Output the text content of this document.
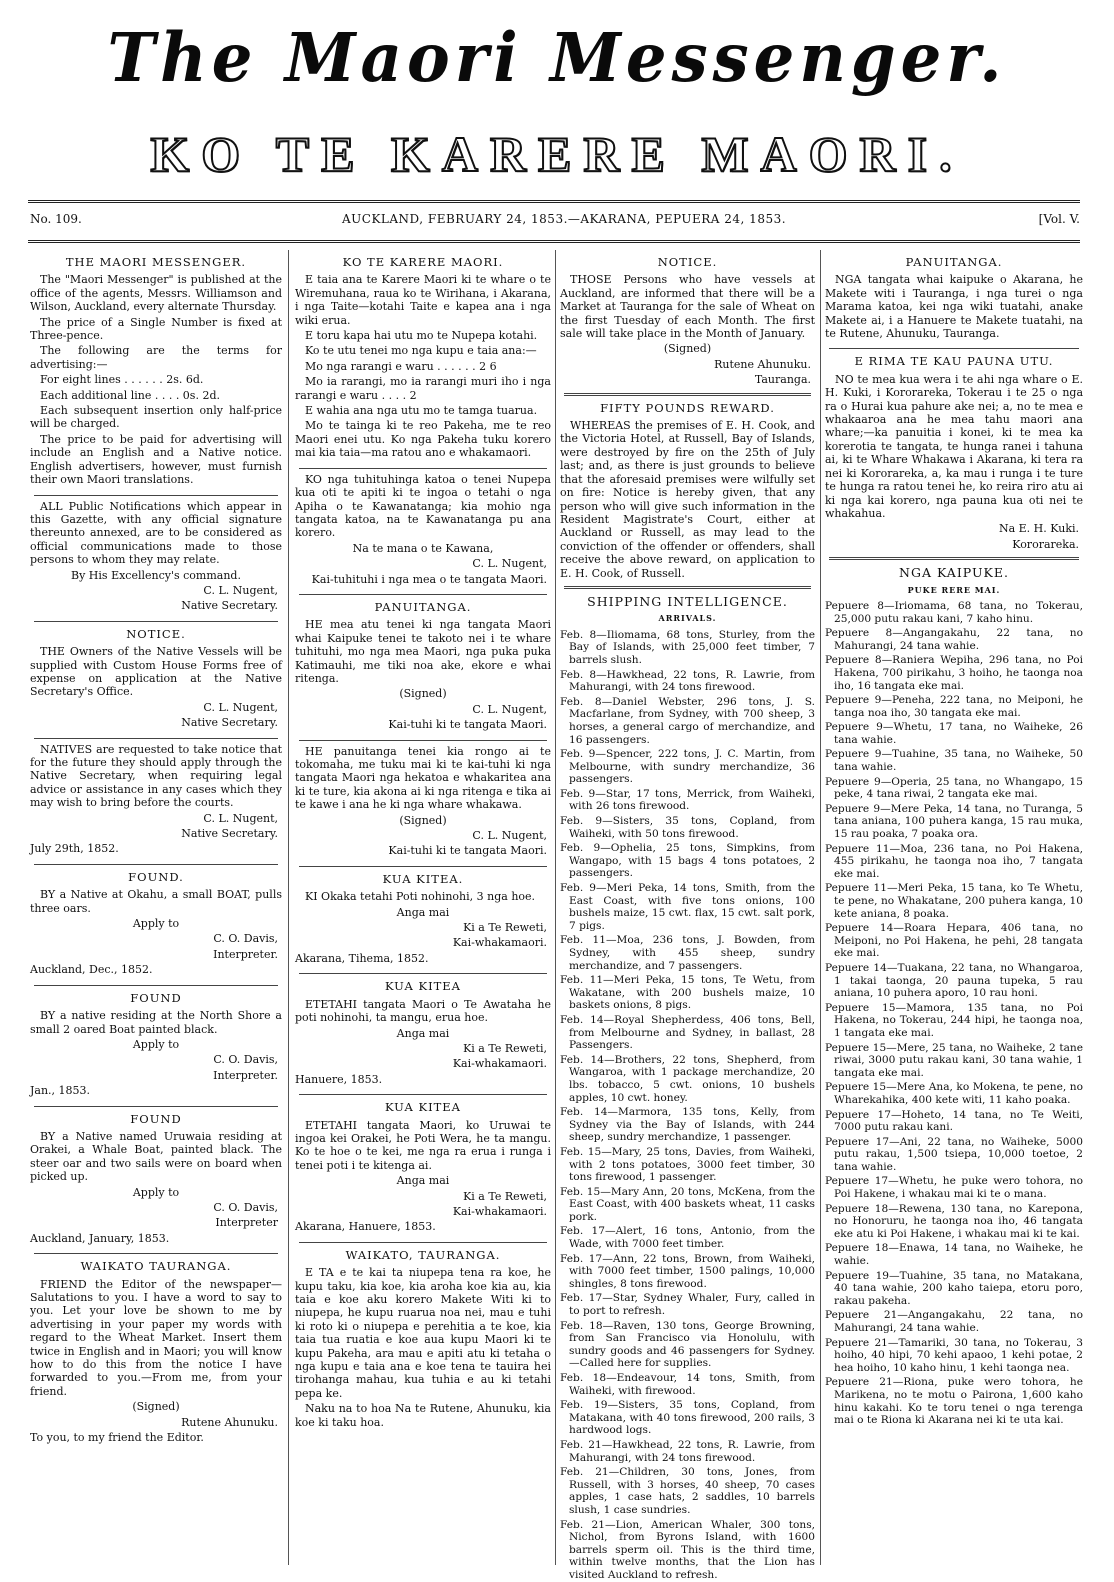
The Maori Messenger.
KO TE KARERE MAORI.
No. 109.	AUCKLAND, FEBRUARY 24, 1853.—AKARANA, PEPUERA 24, 1853.	[Vol. V.
THE MAORI MESSENGER.

The "Maori Messenger" is published at the office of the agents, Messrs. Williamson and Wilson, Auckland, every alternate Thursday.

The price of a Single Number is fixed at Three-pence.

The following are the terms for advertising:—

For eight lines . . . . . . 2s. 6d.

Each additional line . . . . 0s. 2d.

Each subsequent insertion only half-price will be charged.

The price to be paid for advertising will include an English and a Native notice. English advertisers, however, must furnish their own Maori translations.

ALL Public Notifications which appear in this Gazette, with any official signature thereunto annexed, are to be considered as official communications made to those persons to whom they may relate.

By His Excellency's command.

C. L. Nugent,

Native Secretary.

NOTICE.

THE Owners of the Native Vessels will be supplied with Custom House Forms free of expense on application at the Native Secretary's Office.

C. L. Nugent,

Native Secretary.

NATIVES are requested to take notice that for the future they should apply through the Native Secretary, when requiring legal advice or assistance in any cases which they may wish to bring before the courts.

C. L. Nugent,

Native Secretary.

July 29th, 1852.

FOUND.

BY a Native at Okahu, a small BOAT, pulls three oars.

Apply to

C. O. Davis,

Interpreter.

Auckland, Dec., 1852.

FOUND

BY a native residing at the North Shore a small 2 oared Boat painted black.

Apply to

C. O. Davis,

Interpreter.

Jan., 1853.

FOUND

BY a Native named Uruwaia residing at Orakei, a Whale Boat, painted black. The steer oar and two sails were on board when picked up.

Apply to

C. O. Davis,

Interpreter

Auckland, January, 1853.

WAIKATO TAURANGA.

FRIEND the Editor of the newspaper—Salutations to you. I have a word to say to you. Let your love be shown to me by advertising in your paper my words with regard to the Wheat Market. Insert them twice in English and in Maori; you will know how to do this from the notice I have forwarded to you.—From me, from your friend.

(Signed)

Rutene Ahunuku.

To you, to my friend the Editor.

KO TE KARERE MAORI.

E taia ana te Karere Maori ki te whare o te Wiremuhana, raua ko te Wirihana, i Akarana, i nga Taite—kotahi Taite e kapea ana i nga wiki erua.

E toru kapa hai utu mo te Nupepa kotahi.

Ko te utu tenei mo nga kupu e taia ana:—

Mo nga rarangi e waru . . . . . . 2 6

Mo ia rarangi, mo ia rarangi muri iho i nga rarangi e waru . . . . 2

E wahia ana nga utu mo te tamga tuarua.

Mo te tainga ki te reo Pakeha, me te reo Maori enei utu. Ko nga Pakeha tuku korero mai kia taia—ma ratou ano e whakamaori.

KO nga tuhituhinga katoa o tenei Nupepa kua oti te apiti ki te ingoa o tetahi o nga Apiha o te Kawanatanga; kia mohio nga tangata katoa, na te Kawanatanga pu ana korero.

Na te mana o te Kawana,

C. L. Nugent,

Kai-tuhituhi i nga mea o te tangata Maori.

PANUITANGA.

HE mea atu tenei ki nga tangata Maori whai Kaipuke tenei te takoto nei i te whare tuhituhi, mo nga mea Maori, nga puka puka Katimauhi, me tiki noa ake, ekore e whai ritenga.

(Signed)

C. L. Nugent,

Kai-tuhi ki te tangata Maori.

HE panuitanga tenei kia rongo ai te tokomaha, me tuku mai ki te kai-tuhi ki nga tangata Maori nga hekatoa e whakaritea ana ki te ture, kia akona ai ki nga ritenga e tika ai te kawe i ana he ki nga whare whakawa.

(Signed)

C. L. Nugent,

Kai-tuhi ki te tangata Maori.

KUA KITEA.

KI Okaka tetahi Poti nohinohi, 3 nga hoe.

Anga mai

Ki a Te Reweti,

Kai-whakamaori.

Akarana, Tihema, 1852.

KUA KITEA

ETETAHI tangata Maori o Te Awataha he poti nohinohi, ta mangu, erua hoe.

Anga mai

Ki a Te Reweti,

Kai-whakamaori.

Hanuere, 1853.

KUA KITEA

ETETAHI tangata Maori, ko Uruwai te ingoa kei Orakei, he Poti Wera, he ta mangu. Ko te hoe o te kei, me nga ra erua i runga i tenei poti i te kitenga ai.

Anga mai

Ki a Te Reweti,

Kai-whakamaori.

Akarana, Hanuere, 1853.

WAIKATO, TAURANGA.

E TA e te kai ta niupepa tena ra koe, he kupu taku, kia koe, kia aroha koe kia au, kia taia e koe aku korero Makete Witi ki to niupepa, he kupu ruarua noa nei, mau e tuhi ki roto ki o niupepa e perehitia a te koe, kia taia tua ruatia e koe aua kupu Maori ki te kupu Pakeha, ara mau e apiti atu ki tetaha o nga kupu e taia ana e koe tena te tauira hei tirohanga mahau, kua tuhia e au ki tetahi pepa ke.

Naku na to hoa Na te Rutene, Ahunuku, kia koe ki taku hoa.

NOTICE.

THOSE Persons who have vessels at Auckland, are informed that there will be a Market at Tauranga for the sale of Wheat on the first Tuesday of each Month. The first sale will take place in the Month of January.

(Signed)

Rutene Ahunuku.

Tauranga.

FIFTY POUNDS REWARD.

WHEREAS the premises of E. H. Cook, and the Victoria Hotel, at Russell, Bay of Islands, were destroyed by fire on the 25th of July last; and, as there is just grounds to believe that the aforesaid premises were wilfully set on fire: Notice is hereby given, that any person who will give such information in the Resident Magistrate's Court, either at Auckland or Russell, as may lead to the conviction of the offender or offenders, shall receive the above reward, on application to E. H. Cook, of Russell.

SHIPPING INTELLIGENCE.
ARRIVALS.
Feb. 8—Iliomama, 68 tons, Sturley, from the Bay of Islands, with 25,000 feet timber, 7 barrels slush.
Feb. 8—Hawkhead, 22 tons, R. Lawrie, from Mahurangi, with 24 tons firewood.
Feb. 8—Daniel Webster, 296 tons, J. S. Macfarlane, from Sydney, with 700 sheep, 3 horses, a general cargo of merchandize, and 16 passengers.
Feb. 9—Spencer, 222 tons, J. C. Martin, from Melbourne, with sundry merchandize, 36 passengers.
Feb. 9—Star, 17 tons, Merrick, from Waiheki, with 26 tons firewood.
Feb. 9—Sisters, 35 tons, Copland, from Waiheki, with 50 tons firewood.
Feb. 9—Ophelia, 25 tons, Simpkins, from Wangapo, with 15 bags 4 tons potatoes, 2 passengers.
Feb. 9—Meri Peka, 14 tons, Smith, from the East Coast, with five tons onions, 100 bushels maize, 15 cwt. flax, 15 cwt. salt pork, 7 pigs.
Feb. 11—Moa, 236 tons, J. Bowden, from Sydney, with 455 sheep, sundry merchandize, and 7 passengers.
Feb. 11—Meri Peka, 15 tons, Te Wetu, from Wakatane, with 200 bushels maize, 10 baskets onions, 8 pigs.
Feb. 14—Royal Shepherdess, 406 tons, Bell, from Melbourne and Sydney, in ballast, 28 Passengers.
Feb. 14—Brothers, 22 tons, Shepherd, from Wangaroa, with 1 package merchandize, 20 lbs. tobacco, 5 cwt. onions, 10 bushels apples, 10 cwt. honey.
Feb. 14—Marmora, 135 tons, Kelly, from Sydney via the Bay of Islands, with 244 sheep, sundry merchandize, 1 passenger.
Feb. 15—Mary, 25 tons, Davies, from Waiheki, with 2 tons potatoes, 3000 feet timber, 30 tons firewood, 1 passenger.
Feb. 15—Mary Ann, 20 tons, McKena, from the East Coast, with 400 baskets wheat, 11 casks pork.
Feb. 17—Alert, 16 tons, Antonio, from the Wade, with 7000 feet timber.
Feb. 17—Ann, 22 tons, Brown, from Waiheki, with 7000 feet timber, 1500 palings, 10,000 shingles, 8 tons firewood.
Feb. 17—Star, Sydney Whaler, Fury, called in to port to refresh.
Feb. 18—Raven, 130 tons, George Browning, from San Francisco via Honolulu, with sundry goods and 46 passengers for Sydney.—Called here for supplies.
Feb. 18—Endeavour, 14 tons, Smith, from Waiheki, with firewood.
Feb. 19—Sisters, 35 tons, Copland, from Matakana, with 40 tons firewood, 200 rails, 3 hardwood logs.
Feb. 21—Hawkhead, 22 tons, R. Lawrie, from Mahurangi, with 24 tons firewood.
Feb. 21—Children, 30 tons, Jones, from Russell, with 3 horses, 40 sheep, 70 cases apples, 1 case hats, 2 saddles, 10 barrels slush, 1 case sundries.
Feb. 21—Lion, American Whaler, 300 tons, Nichol, from Byrons Island, with 1600 barrels sperm oil. This is the third time, within twelve months, that the Lion has visited Auckland to refresh.
PANUITANGA.

NGA tangata whai kaipuke o Akarana, he Makete witi i Tauranga, i nga turei o nga Marama katoa, kei nga wiki tuatahi, anake Makete ai, i a Hanuere te Makete tuatahi, na te Rutene, Ahunuku, Tauranga.

E RIMA TE KAU PAUNA UTU.

NO te mea kua wera i te ahi nga whare o E. H. Kuki, i Kororareka, Tokerau i te 25 o nga ra o Hurai kua pahure ake nei; a, no te mea e whakaaroa ana he mea tahu maori ana whare;—ka panuitia i konei, ki te mea ka korerotia te tangata, te hunga ranei i tahuna ai, ki te Whare Whakawa i Akarana, ki tera ra nei ki Kororareka, a, ka mau i runga i te ture te hunga ra ratou tenei he, ko reira riro atu ai ki nga kai korero, nga pauna kua oti nei te whakahua.

Na E. H. Kuki.

Kororareka.

NGA KAIPUKE.
PUKE RERE MAI.
Pepuere 8—Iriomama, 68 tana, no Tokerau, 25,000 putu rakau kani, 7 kaho hinu.
Pepuere 8—Angangakahu, 22 tana, no Mahurangi, 24 tana wahie.
Pepuere 8—Raniera Wepiha, 296 tana, no Poi Hakena, 700 pirikahu, 3 hoiho, he taonga noa iho, 16 tangata eke mai.
Pepuere 9—Peneha, 222 tana, no Meiponi, he tanga noa iho, 30 tangata eke mai.
Pepuere 9—Whetu, 17 tana, no Waiheke, 26 tana wahie.
Pepuere 9—Tuahine, 35 tana, no Waiheke, 50 tana wahie.
Pepuere 9—Operia, 25 tana, no Whangapo, 15 peke, 4 tana riwai, 2 tangata eke mai.
Pepuere 9—Mere Peka, 14 tana, no Turanga, 5 tana aniana, 100 puhera kanga, 15 rau muka, 15 rau poaka, 7 poaka ora.
Pepuere 11—Moa, 236 tana, no Poi Hakena, 455 pirikahu, he taonga noa iho, 7 tangata eke mai.
Pepuere 11—Meri Peka, 15 tana, ko Te Whetu, te pene, no Whakatane, 200 puhera kanga, 10 kete aniana, 8 poaka.
Pepuere 14—Roara Hepara, 406 tana, no Meiponi, no Poi Hakena, he pehi, 28 tangata eke mai.
Pepuere 14—Tuakana, 22 tana, no Whangaroa, 1 takai taonga, 20 pauna tupeka, 5 rau aniana, 10 puhera aporo, 10 rau honi.
Pepuere 15—Mamora, 135 tana, no Poi Hakena, no Tokerau, 244 hipi, he taonga noa, 1 tangata eke mai.
Pepuere 15—Mere, 25 tana, no Waiheke, 2 tane riwai, 3000 putu rakau kani, 30 tana wahie, 1 tangata eke mai.
Pepuere 15—Mere Ana, ko Mokena, te pene, no Wharekahika, 400 kete witi, 11 kaho poaka.
Pepuere 17—Hoheto, 14 tana, no Te Weiti, 7000 putu rakau kani.
Pepuere 17—Ani, 22 tana, no Waiheke, 5000 putu rakau, 1,500 tsiepa, 10,000 toetoe, 2 tana wahie.
Pepuere 17—Whetu, he puke wero tohora, no Poi Hakene, i whakau mai ki te o mana.
Pepuere 18—Rewena, 130 tana, no Karepona, no Honoruru, he taonga noa iho, 46 tangata eke atu ki Poi Hakene, i whakau mai ki te kai.
Pepuere 18—Enawa, 14 tana, no Waiheke, he wahie.
Pepuere 19—Tuahine, 35 tana, no Matakana, 40 tana wahie, 200 kaho taiepa, etoru poro, rakau pakeha.
Pepuere 21—Angangakahu, 22 tana, no Mahurangi, 24 tana wahie.
Pepuere 21—Tamariki, 30 tana, no Tokerau, 3 hoiho, 40 hipi, 70 kehi apaoo, 1 kehi potae, 2 hea hoiho, 10 kaho hinu, 1 kehi taonga nea.
Pepuere 21—Riona, puke wero tohora, he Marikena, no te motu o Pairona, 1,600 kaho hinu kakahi. Ko te toru tenei o nga terenga mai o te Riona ki Akarana nei ki te uta kai.
